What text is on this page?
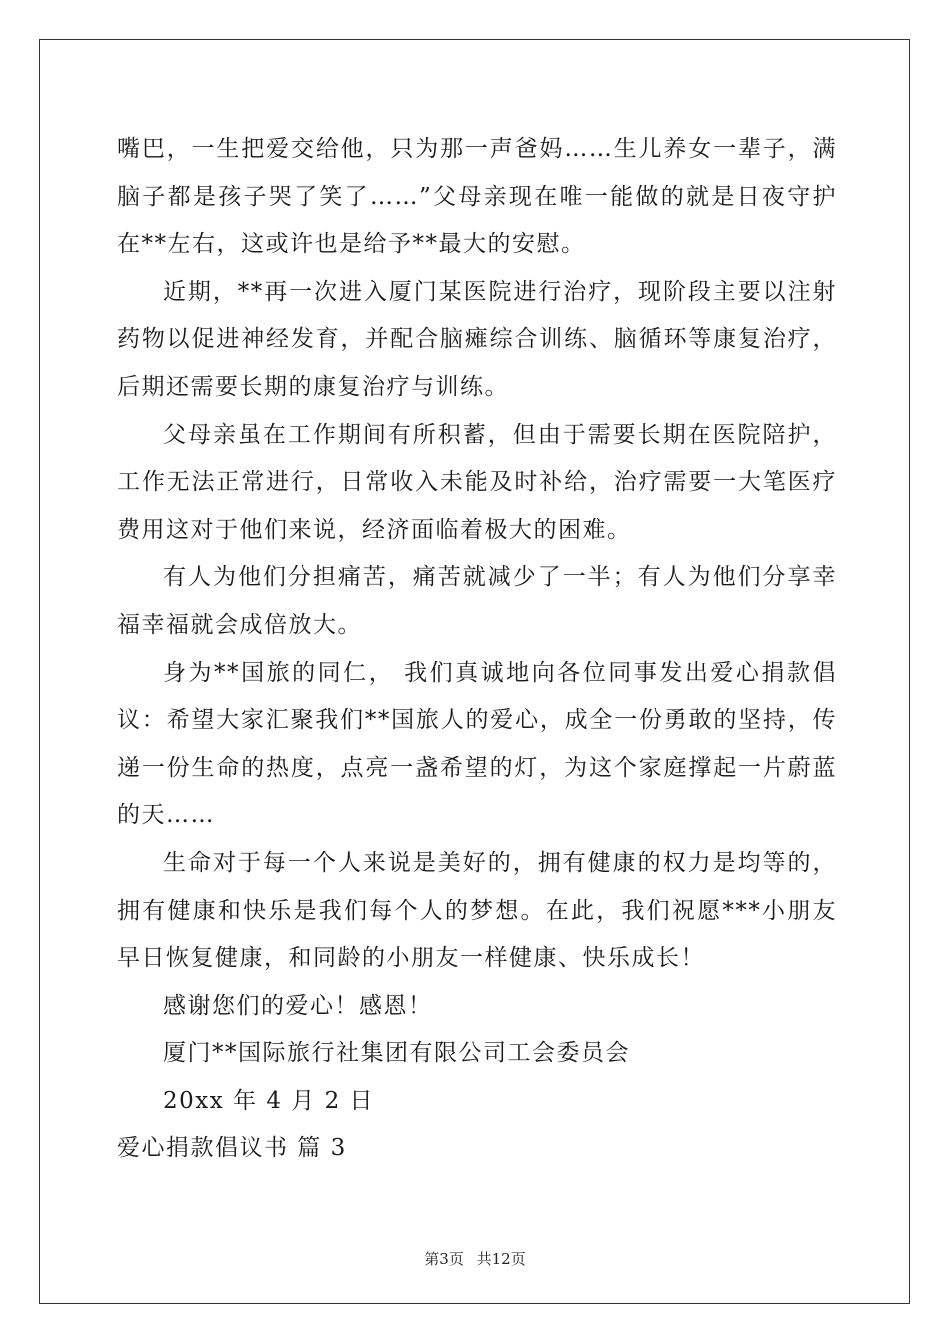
嘴巴，一生把爱交给他，只为那一声爸妈……生儿养女一辈子，满脑子都是孩子哭了笑了……”父母亲现在唯一能做的就是日夜守护在**左右，这或许也是给予**最大的安慰。

近期，**再一次进入厦门某医院进行治疗，现阶段主要以注射药物以促进神经发育，并配合脑瘫综合训练、脑循环等康复治疗，后期还需要长期的康复治疗与训练。

父母亲虽在工作期间有所积蓄，但由于需要长期在医院陪护，工作无法正常进行，日常收入未能及时补给，治疗需要一大笔医疗费用这对于他们来说，经济面临着极大的困难。

有人为他们分担痛苦，痛苦就减少了一半；有人为他们分享幸福幸福就会成倍放大。

身为**国旅的同仁， 我们真诚地向各位同事发出爱心捐款倡议：希望大家汇聚我们**国旅人的爱心，成全一份勇敢的坚持，传递一份生命的热度，点亮一盏希望的灯，为这个家庭撑起一片蔚蓝的天……

生命对于每一个人来说是美好的，拥有健康的权力是均等的，拥有健康和快乐是我们每个人的梦想。在此，我们祝愿***小朋友早日恢复健康，和同龄的小朋友一样健康、快乐成长！

感谢您们的爱心！感恩！

厦门**国际旅行社集团有限公司工会委员会

20xx 年 4 月 2 日

爱心捐款倡议书 篇 3

第3页 共12页
